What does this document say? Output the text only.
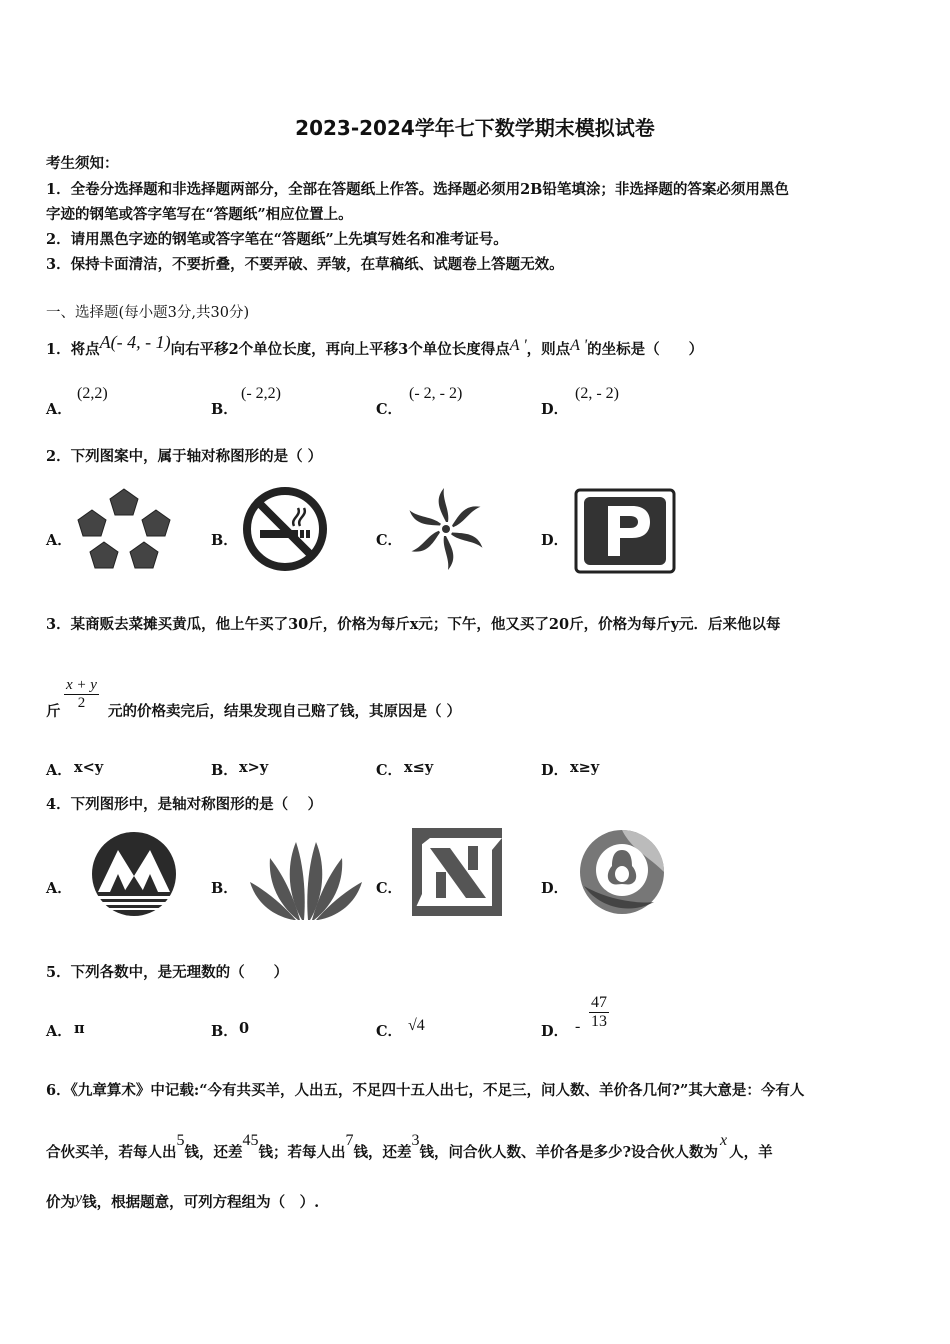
2023-2024学年七下数学期末模拟试卷
考生须知：
1．全卷分选择题和非选择题两部分，全部在答题纸上作答。选择题必须用2B铅笔填涂；非选择题的答案必须用黑色
字迹的钢笔或答字笔写在“答题纸”相应位置上。
2．请用黑色字迹的钢笔或答字笔在“答题纸”上先填写姓名和准考证号。
3．保持卡面清洁，不要折叠，不要弄破、弄皱，在草稿纸、试题卷上答题无效。
一、选择题(每小题3分,共30分)
1．将点A(- 4, - 1)向右平移2个单位长度，再向上平移3个单位长度得点A '，则点A '的坐标是（　　）
A．
(2,2)
B．
(- 2,2)
C．
(- 2, - 2)
D．
(2, - 2)
2．下列图案中，属于轴对称图形的是（ ）
A．	B．	C．	D．
3．某商贩去菜摊买黄瓜，他上午买了30斤，价格为每斤x元；下午，他又买了20斤，价格为每斤y元．后来他以每
斤 $\frac{x + y}{2}$ 元的价格卖完后，结果发现自己赔了钱，其原因是（ ）
A． x<y	B． x>y	C． x≤y	D． x≥y
4．下列图形中，是轴对称图形的是（　 ）
A．	B．	C．	D．
5．下列各数中，是无理数的（　　）
A． π	B． 0	C． √4	D． - $\frac{47}{13}$
6．《九章算术》中记载:“今有共买羊，人出五，不足四十五人出七，不足三，问人数、羊价各几何?”其大意是：今有人
合伙买羊，若每人出5钱，还差45钱；若每人出7钱，还差3钱，问合伙人数、羊价各是多少?设合伙人数为x人，羊
价为y钱，根据题意，可列方程组为（　）.
